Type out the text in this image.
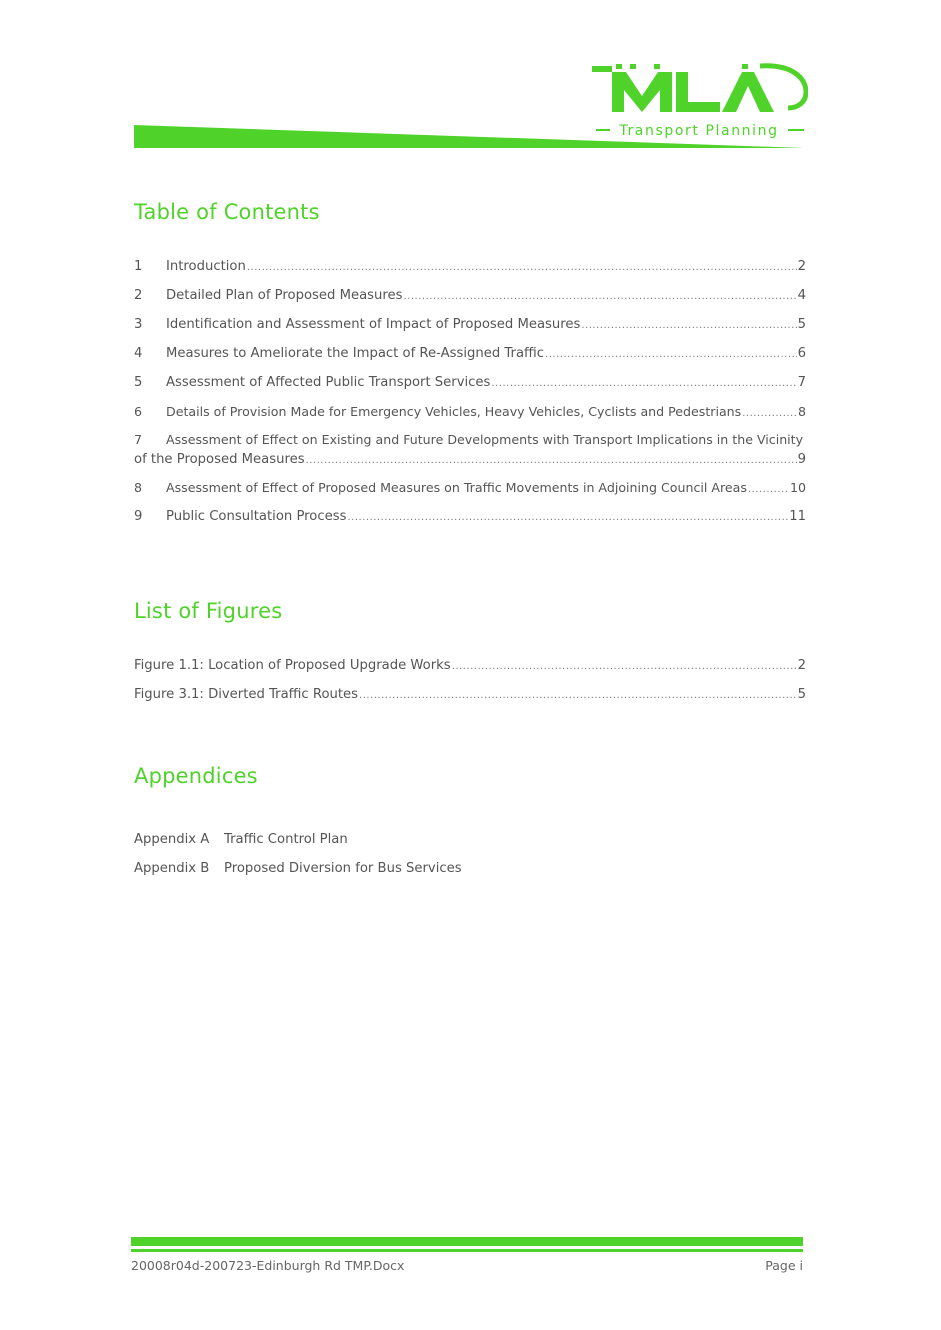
Transport Planning
Table of Contents
1	Introduction .....	2
2	Detailed Plan of Proposed Measures .....	4
3	Identification and Assessment of Impact of Proposed Measures .....	5
4	Measures to Ameliorate the Impact of Re-Assigned Traffic .....	6
5	Assessment of Affected Public Transport Services .....	7
6	Details of Provision Made for Emergency Vehicles, Heavy Vehicles, Cyclists and Pedestrians .....	8
7 Assessment of Effect on Existing and Future Developments with Transport Implications in the Vicinity
of the Proposed Measures .....	9
8	Assessment of Effect of Proposed Measures on Traffic Movements in Adjoining Council Areas .....	10
9	Public Consultation Process .....	11
List of Figures
Figure 1.1: Location of Proposed Upgrade Works .....	2
Figure 3.1: Diverted Traffic Routes .....	5
Appendices
Appendix A Traffic Control Plan
Appendix B Proposed Diversion for Bus Services
20008r04d-200723-Edinburgh Rd TMP.Docx	Page i
